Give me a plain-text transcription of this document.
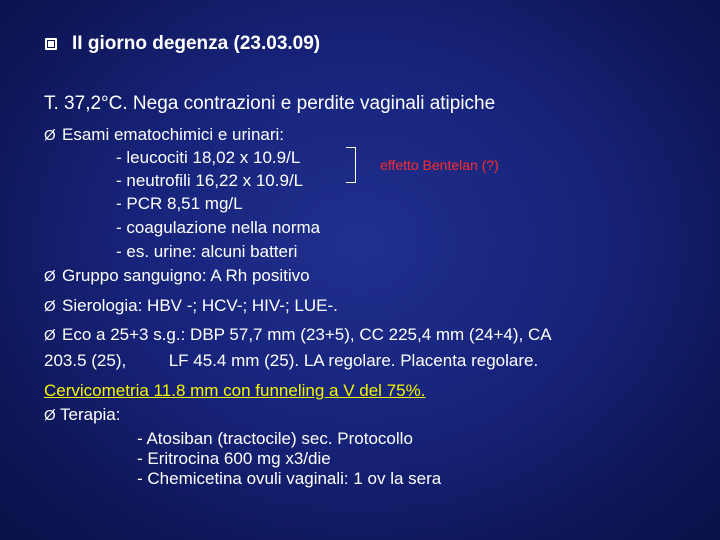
II giorno degenza (23.03.09)
T. 37,2°C. Nega contrazioni e perdite vaginali atipiche
Ø Esami ematochimici e urinari:
- leucociti 18,02 x 10.9/L
- neutrofili 16,22 x 10.9/L
- PCR 8,51 mg/L
- coagulazione nella norma
- es. urine: alcuni batteri
effetto Bentelan (?)
Ø Gruppo sanguigno: A Rh positivo
Ø Sierologia: HBV -; HCV-; HIV-; LUE-.
Ø Eco a 25+3 s.g.: DBP 57,7 mm (23+5), CC 225,4 mm (24+4), CA
203.5 (25),         LF 45.4 mm (25). LA regolare. Placenta regolare.
Cervicometria 11.8 mm con funneling a V del 75%.
Ø Terapia:
- Atosiban (tractocile) sec. Protocollo
- Eritrocina 600 mg x3/die
- Chemicetina ovuli vaginali: 1 ov la sera
